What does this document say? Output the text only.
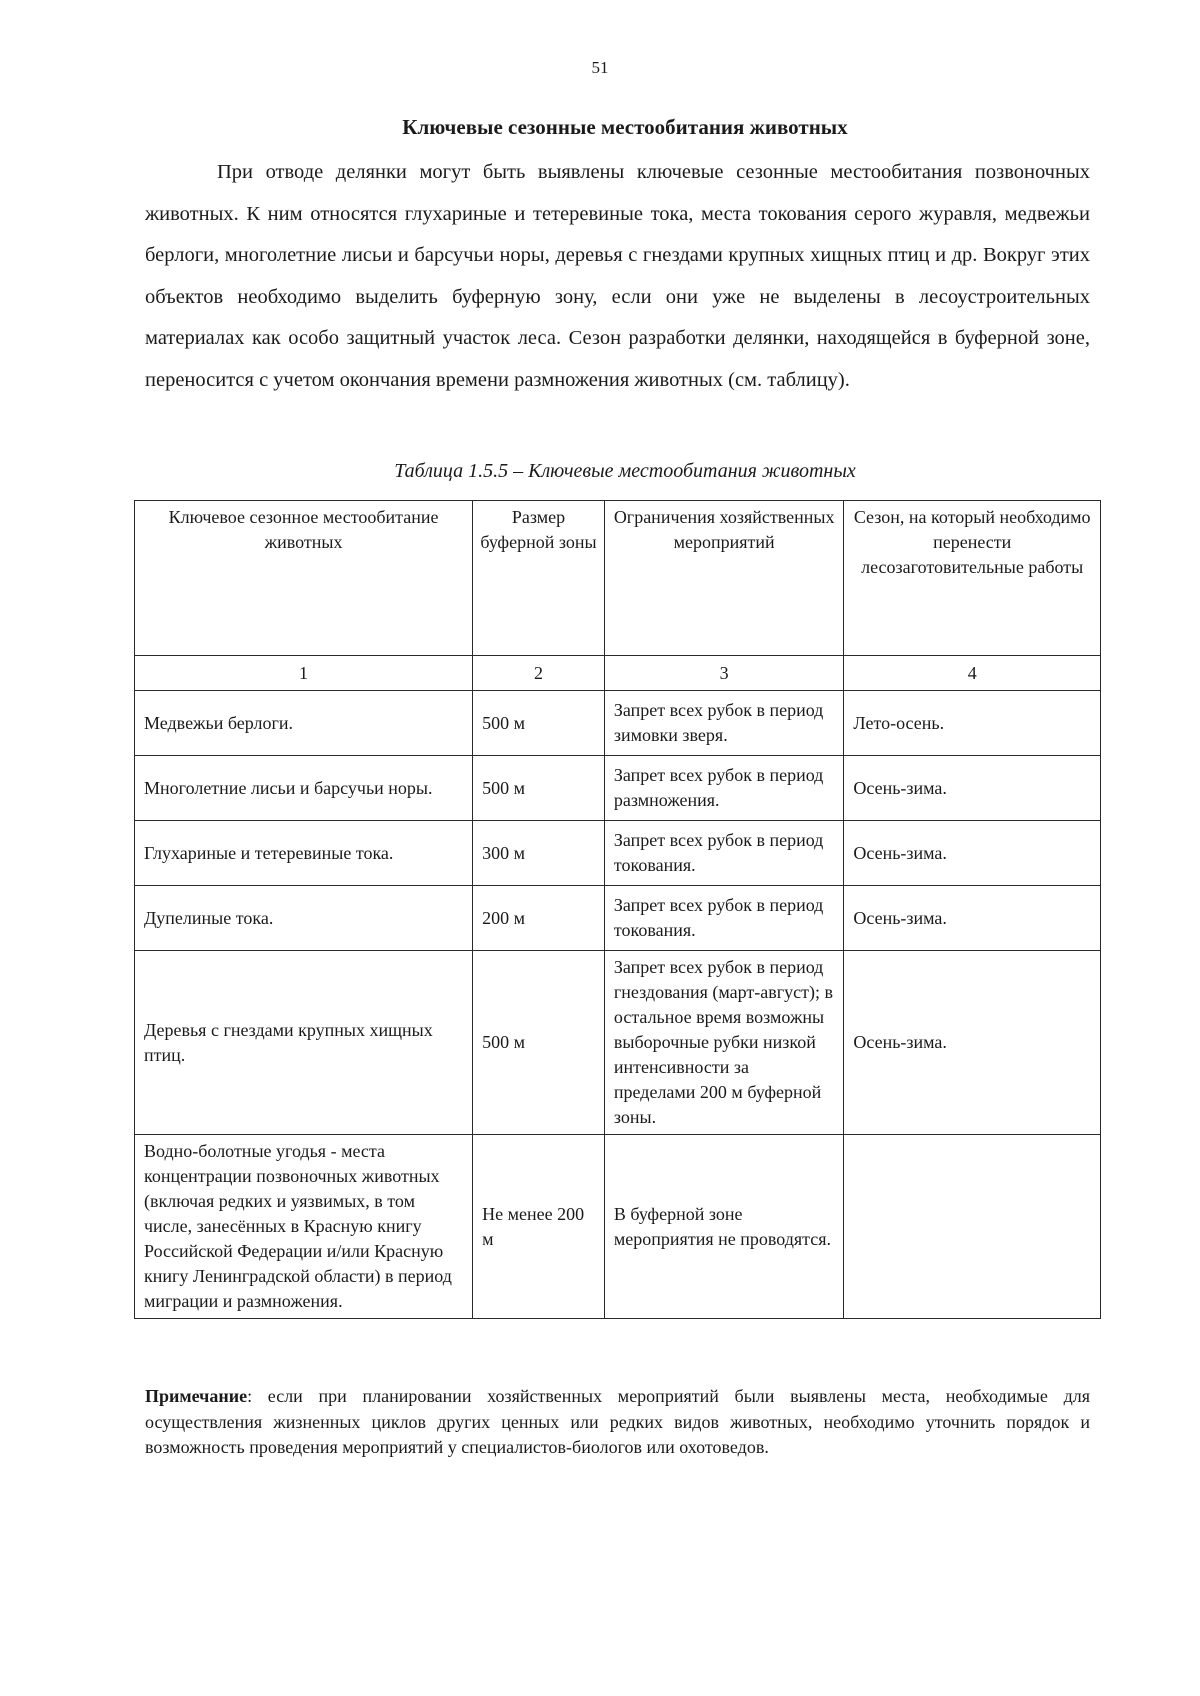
51
Ключевые сезонные местообитания животных

При отводе делянки могут быть выявлены ключевые сезонные местообитания позвоночных животных. К ним относятся глухариные и тетеревиные тока, места токования серого журавля, медвежьи берлоги, многолетние лисьи и барсучьи норы, деревья с гнездами крупных хищных птиц и др. Вокруг этих объектов необходимо выделить буферную зону, если они уже не выделены в лесоустроительных материалах как особо защитный участок леса. Сезон разработки делянки, находящейся в буферной зоне, переносится с учетом окончания времени размножения животных (см. таблицу).

Таблица 1.5.5 – Ключевые местообитания животных
Ключевое сезонное местообитание животных	Размер буферной зоны	Ограничения хозяйственных мероприятий	Сезон, на который необходимо перенести лесозаготовительные работы
1	2	3	4
Медвежьи берлоги.	500 м	Запрет всех рубок в период зимовки зверя.	Лето-осень.
Многолетние лисьи и барсучьи норы.	500 м	Запрет всех рубок в период размножения.	Осень-зима.
Глухариные и тетеревиные тока.	300 м	Запрет всех рубок в период токования.	Осень-зима.
Дупелиные тока.	200 м	Запрет всех рубок в период токования.	Осень-зима.
Деревья с гнездами крупных хищных птиц.	500 м	Запрет всех рубок в период гнездования (март-август); в остальное время возможны выборочные рубки низкой интенсивности за пределами 200 м буферной зоны.	Осень-зима.
Водно-болотные угодья - места концентрации позвоночных животных (включая редких и уязвимых, в том числе, занесённых в Красную книгу Российской Федерации и/или Красную книгу Ленинградской области) в период миграции и размножения.	Не менее 200 м	В буферной зоне мероприятия не проводятся.	

Примечание: если при планировании хозяйственных мероприятий были выявлены места, необходимые для осуществления жизненных циклов других ценных или редких видов животных, необходимо уточнить порядок и возможность проведения мероприятий у специалистов-биологов или охотоведов.
